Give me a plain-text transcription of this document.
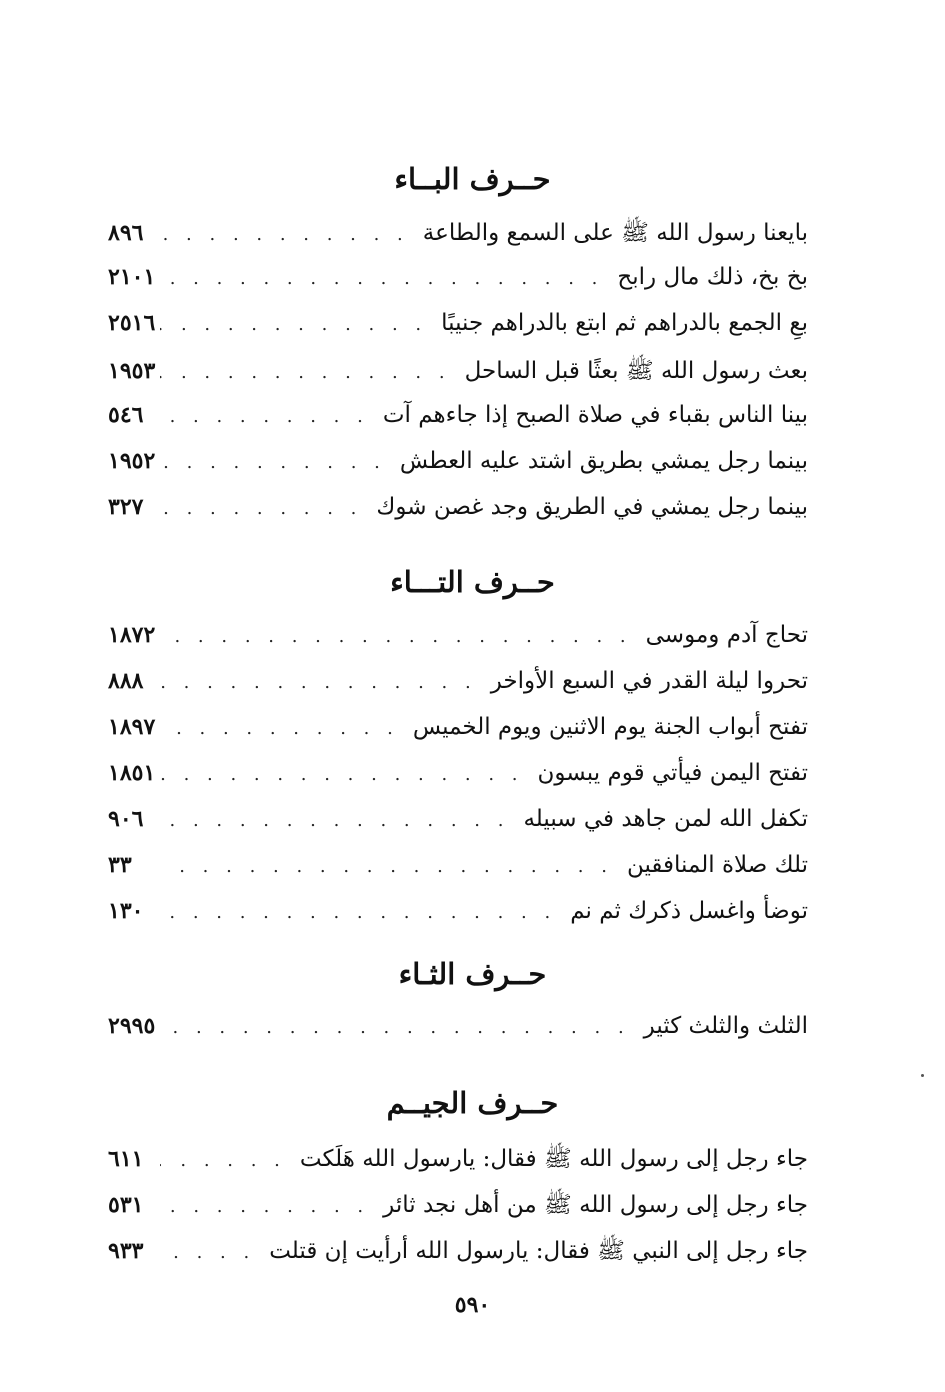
حــرف البــاء
بايعنا رسول الله ﷺ على السمع والطاعة
. . .
٨٩٦
بخ بخ، ذلك مال رابح
. . .
٢١٠١
بعِ الجمع بالدراهم ثم ابتع بالدراهم جنيبًا
. . .
٢٥١٦
بعث رسول الله ﷺ بعثًا قبل الساحل
. . .
١٩٥٣
بينا الناس بقباء في صلاة الصبح إذا جاءهم آت
. . .
٥٤٦
بينما رجل يمشي بطريق اشتد عليه العطش
. . .
١٩٥٢
بينما رجل يمشي في الطريق وجد غصن شوك
. . .
٣٢٧
حــرف التـــاء
تحاج آدم وموسى
. . .
١٨٧٢
تحروا ليلة القدر في السبع الأواخر
. . .
٨٨٨
تفتح أبواب الجنة يوم الاثنين ويوم الخميس
. . .
١٨٩٧
تفتح اليمن فيأتي قوم يبسون
. . .
١٨٥١
تكفل الله لمن جاهد في سبيله
. . .
٩٠٦
تلك صلاة المنافقين
. . .
٣٣
توضأ واغسل ذكرك ثم نم
. . .
١٣٠
حــرف الثـاء
الثلث والثلث كثير
. . .
٢٩٩٥
حــرف الجيــم
جاء رجل إلى رسول الله ﷺ فقال: يارسول الله هَلَكت
. . .
٦١١
جاء رجل إلى رسول الله ﷺ من أهل نجد ثائر
. . .
٥٣١
جاء رجل إلى النبي ﷺ فقال: يارسول الله أرأيت إن قتلت
. . .
٩٣٣

٥٩٠
